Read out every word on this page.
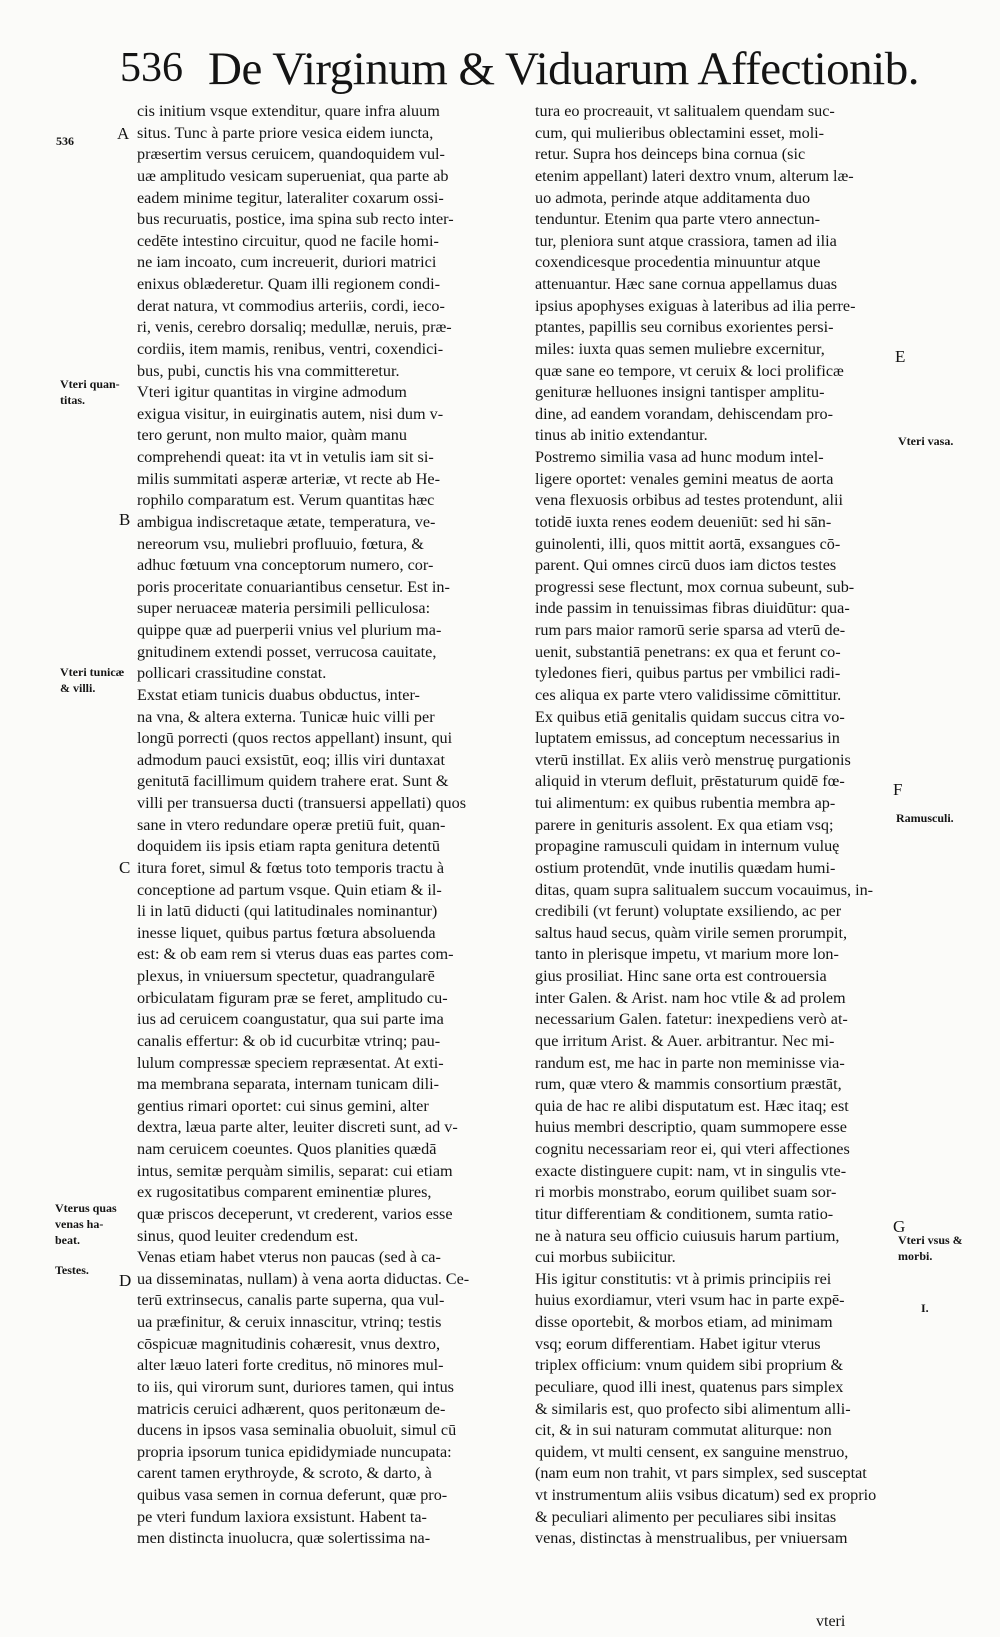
536 De Virginum & Viduarum Affectionib.
cis initium vsque extenditur, quare infra aluum
situs. Tunc à parte priore vesica eidem iuncta,
præsertim versus ceruicem, quandoquidem vul-
uæ amplitudo vesicam superueniat, qua parte ab
eadem minime tegitur, lateraliter coxarum ossi-
bus recuruatis, postice, ima spina sub recto inter-
cedēte intestino circuitur, quod ne facile homi-
ne iam incoato, cum increuerit, duriori matrici
enixus oblæderetur. Quam illi regionem condi-
derat natura, vt commodius arteriis, cordi, ieco-
ri, venis, cerebro dorsaliq; medullæ, neruis, præ-
cordiis, item mamis, renibus, ventri, coxendici-
bus, pubi, cunctis his vna committeretur.
Vteri igitur quantitas in virgine admodum
exigua visitur, in euirginatis autem, nisi dum v-
tero gerunt, non multo maior, quàm manu
comprehendi queat: ita vt in vetulis iam sit si-
milis summitati asperæ arteriæ, vt recte ab He-
rophilo comparatum est. Verum quantitas hæc
ambigua indiscretaque ætate, temperatura, ve-
nereorum vsu, muliebri profluuio, fœtura, &
adhuc fœtuum vna conceptorum numero, cor-
poris proceritate conuariantibus censetur. Est in-
super neruaceæ materia persimili pelliculosa:
quippe quæ ad puerperii vnius vel plurium ma-
gnitudinem extendi posset, verrucosa cauitate,
pollicari crassitudine constat.
Exstat etiam tunicis duabus obductus, inter-
na vna, & altera externa. Tunicæ huic villi per
longū porrecti (quos rectos appellant) insunt, qui
admodum pauci exsistūt, eoq; illis viri duntaxat
genitutā facillimum quidem trahere erat. Sunt &
villi per transuersa ducti (transuersi appellati) quos
sane in vtero redundare operæ pretiū fuit, quan-
doquidem iis ipsis etiam rapta genitura detentū
itura foret, simul & fœtus toto temporis tractu à
conceptione ad partum vsque. Quin etiam & il-
li in latū diducti (qui latitudinales nominantur)
inesse liquet, quibus partus fœtura absoluenda
est: & ob eam rem si vterus duas eas partes com-
plexus, in vniuersum spectetur, quadrangularē
orbiculatam figuram præ se feret, amplitudo cu-
ius ad ceruicem coangustatur, qua sui parte ima
canalis effertur: & ob id cucurbitæ vtrinq; pau-
lulum compressæ speciem repræsentat. At exti-
ma membrana separata, internam tunicam dili-
gentius rimari oportet: cui sinus gemini, alter
dextra, læua parte alter, leuiter discreti sunt, ad v-
nam ceruicem coeuntes. Quos planities quædā
intus, semitæ perquàm similis, separat: cui etiam
ex rugositatibus comparent eminentiæ plures,
quæ priscos deceperunt, vt crederent, varios esse
sinus, quod leuiter credendum est.
Venas etiam habet vterus non paucas (sed à ca-
ua disseminatas, nullam) à vena aorta diductas. Ce-
terū extrinsecus, canalis parte superna, qua vul-
ua præfinitur, & ceruix innascitur, vtrinq; testis
cōspicuæ magnitudinis cohæresit, vnus dextro,
alter læuo lateri forte creditus, nō minores mul-
to iis, qui virorum sunt, duriores tamen, qui intus
matricis ceruici adhærent, quos peritonæum de-
ducens in ipsos vasa seminalia obuoluit, simul cū
propria ipsorum tunica epididymiade nuncupata:
carent tamen erythroyde, & scroto, & darto, à
quibus vasa semen in cornua deferunt, quæ pro-
pe vteri fundum laxiora exsistunt. Habent ta-
men distincta inuolucra, quæ solertissima na-
tura eo procreauit, vt salitualem quendam suc-
cum, qui mulieribus oblectamini esset, moli-
retur. Supra hos deinceps bina cornua (sic
etenim appellant) lateri dextro vnum, alterum læ-
uo admota, perinde atque additamenta duo
tenduntur. Etenim qua parte vtero annectun-
tur, pleniora sunt atque crassiora, tamen ad ilia
coxendicesque procedentia minuuntur atque
attenuantur. Hæc sane cornua appellamus duas
ipsius apophyses exiguas à lateribus ad ilia perre-
ptantes, papillis seu cornibus exorientes persi-
miles: iuxta quas semen muliebre excernitur,
quæ sane eo tempore, vt ceruix & loci prolificæ
genituræ helluones insigni tantisper amplitu-
dine, ad eandem vorandam, dehiscendam pro-
tinus ab initio extendantur.
Postremo similia vasa ad hunc modum intel-
ligere oportet: venales gemini meatus de aorta
vena flexuosis orbibus ad testes protendunt, alii
totidē iuxta renes eodem deueniūt: sed hi sān-
guinolenti, illi, quos mittit aortā, exsangues cō-
parent. Qui omnes circū duos iam dictos testes
progressi sese flectunt, mox cornua subeunt, sub-
inde passim in tenuissimas fibras diuidūtur: qua-
rum pars maior ramorū serie sparsa ad vterū de-
uenit, substantiā penetrans: ex qua et ferunt co-
tyledones fieri, quibus partus per vmbilici radi-
ces aliqua ex parte vtero validissime cōmittitur.
Ex quibus etiā genitalis quidam succus citra vo-
luptatem emissus, ad conceptum necessarius in
vterū instillat. Ex aliis verò menstruę purgationis
aliquid in vterum defluit, prēstaturum quidē fœ-
tui alimentum: ex quibus rubentia membra ap-
parere in genituris assolent. Ex qua etiam vsq;
propagine ramusculi quidam in internum vuluę
ostium protendūt, vnde inutilis quædam humi-
ditas, quam supra salitualem succum vocauimus, in-
credibili (vt ferunt) voluptate exsiliendo, ac per
saltus haud secus, quàm virile semen prorumpit,
tanto in plerisque impetu, vt marium more lon-
gius prosiliat. Hinc sane orta est controuersia
inter Galen. & Arist. nam hoc vtile & ad prolem
necessarium Galen. fatetur: inexpediens verò at-
que irritum Arist. & Auer. arbitrantur. Nec mi-
randum est, me hac in parte non meminisse via-
rum, quæ vtero & mammis consortium præstāt,
quia de hac re alibi disputatum est. Hæc itaq; est
huius membri descriptio, quam summopere esse
cognitu necessariam reor ei, qui vteri affectiones
exacte distinguere cupit: nam, vt in singulis vte-
ri morbis monstrabo, eorum quilibet suam sor-
titur differentiam & conditionem, sumta ratio-
ne à natura seu officio cuiusuis harum partium,
cui morbus subiicitur.
His igitur constitutis: vt à primis principiis rei
huius exordiamur, vteri vsum hac in parte expē-
disse oportebit, & morbos etiam, ad minimam
vsq; eorum differentiam. Habet igitur vterus
triplex officium: vnum quidem sibi proprium &
peculiare, quod illi inest, quatenus pars simplex
& similaris est, quo profecto sibi alimentum alli-
cit, & in sui naturam commutat aliturque: non
quidem, vt multi censent, ex sanguine menstruo,
(nam eum non trahit, vt pars simplex, sed susceptat
vt instrumentum aliis vsibus dicatum) sed ex proprio
& peculiari alimento per peculiares sibi insitas
venas, distinctas à menstrualibus, per vniuersam
536
Vteri quan-
titas.
Vteri tunicæ
& villi.
Vterus quas
venas ha-
beat.
Testes.
Vteri vasa.
Ramusculi.
Vteri vsus &
morbi.
I.
A
B
C
D
E
F
G
vteri
